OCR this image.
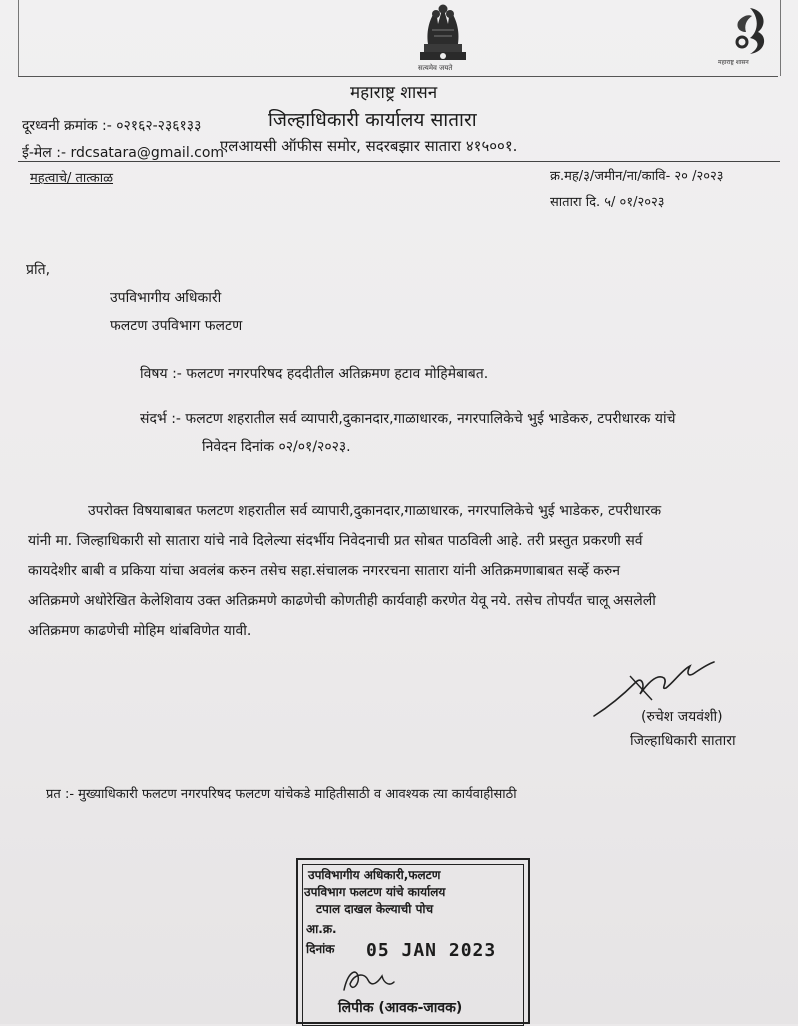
सत्यमेव जयते
महाराष्ट्र शासन
महाराष्ट्र शासन
जिल्हाधिकारी कार्यालय सातारा
दूरध्वनी क्रमांक :- ०२१६२-२३६१३३
ई-मेल :- rdcsatara@gmail.com
एलआयसी ऑफीस समोर, सदरबझार सातारा ४१५००१.
महत्वाचे/ तात्काळ	क्र.मह/३/जमीन/ना/कावि- २० /२०२३
सातारा दि. ५/ ०१/२०२३
प्रति,
उपविभागीय अधिकारी
फलटण उपविभाग फलटण
विषय :- फलटण नगरपरिषद हददीतील अतिक्रमण हटाव मोहिमेबाबत.
संदर्भ :- फलटण शहरातील सर्व व्यापारी,दुकानदार,गाळाधारक, नगरपालिकेचे भुई भाडेकरु, टपरीधारक यांचे
निवेदन दिनांक ०२/०१/२०२३.
उपरोक्त विषयाबाबत फलटण शहरातील सर्व व्यापारी,दुकानदार,गाळाधारक, नगरपालिकेचे भुई भाडेकरु, टपरीधारक
यांनी मा. जिल्हाधिकारी सो सातारा यांचे नावे दिलेल्या संदर्भीय निवेदनाची प्रत सोबत पाठविली आहे. तरी प्रस्तुत प्रकरणी सर्व
कायदेशीर बाबी व प्रकिया यांचा अवलंब करुन तसेच सहा.संचालक नगररचना सातारा यांनी अतिक्रमणाबाबत सर्व्हे करुन
अतिक्रमणे अधोरेखित केलेशिवाय उक्त अतिक्रमणे काढणेची कोणतीही कार्यवाही करणेत येवू नये. तसेच तोपर्यंत चालू असलेली
अतिक्रमण काढणेची मोहिम थांबविणेत यावी.
(रुचेश जयवंशी)
जिल्हाधिकारी सातारा
प्रत :- मुख्याधिकारी फलटण नगरपरिषद फलटण यांचेकडे माहितीसाठी व आवश्यक त्या कार्यवाहीसाठी
उपविभागीय अधिकारी,फलटण
उपविभाग फलटण यांचे कार्यालय
टपाल दाखल केल्याची पोच
आ.क्र.
दिनांक 05 JAN 2023
लिपीक (आवक-जावक)
